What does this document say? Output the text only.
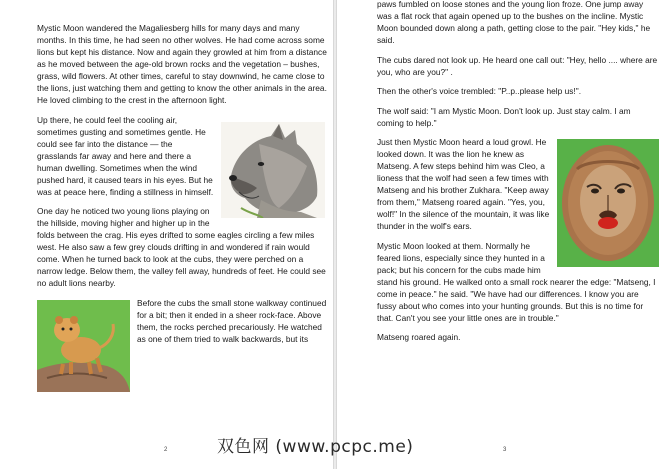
Mystic Moon wandered the Magaliesberg hills for many days and many months. In this time, he had seen no other wolves. He had come across some lions but kept his distance. Now and again they growled at him from a distance as he moved between the age-old brown rocks and the vegetation – bushes, grass, wild flowers. At other times, careful to stay downwind, he came close to the lions, just watching them and getting to know the other animals in the area. He loved climbing to the crest in the afternoon light.

Up there, he could feel the cooling air, sometimes gusting and sometimes gentle. He could see far into the distance — the grasslands far away and here and there a human dwelling. Sometimes when the wind pushed hard, it caused tears in his eyes. But he was at peace here, finding a stillness in himself.

One day he noticed two young lions playing on the hillside, moving higher and higher up in the folds between the crag. His eyes drifted to some eagles circling a few miles west. He also saw a few grey clouds drifting in and wondered if rain would come. When he turned back to look at the cubs, they were perched on a narrow ledge. Below them, the valley fell away, hundreds of feet. He could see no adult lions nearby.

Before the cubs the small stone walkway continued for a bit; then it ended in a sheer rock-face. Above them, the rocks perched precariously. He watched as one of them tried to walk backwards, but its

2

paws fumbled on loose stones and the young lion froze. One jump away was a flat rock that again opened up to the bushes on the incline. Mystic Moon bounded down along a path, getting close to the pair. "Hey kids," he said.

The cubs dared not look up. He heard one call out: "Hey, hello .... where are you, who are you?" .

Then the other's voice trembled: "P..p..please help us!".

The wolf said: "I am Mystic Moon. Don't look up. Just stay calm. I am coming to help."

Just then Mystic Moon heard a loud growl. He looked down. It was the lion he knew as Matseng. A few steps behind him was Cleo, a lioness that the wolf had seen a few times with Matseng and his brother Zukhara. "Keep away from them," Matseng roared again. "Yes, you, wolf!" In the silence of the mountain, it was like thunder in the wolf's ears.

Mystic Moon looked at them. Normally he feared lions, especially since they hunted in a pack; but his concern for the cubs made him stand his ground. He walked onto a small rock nearer the edge: "Matseng, I come in peace." he said. "We have had our differences. I know you are fussy about who comes into your hunting grounds. But this is no time for that. Can't you see your little ones are in trouble."

Matseng roared again.

3
双色网 (www.pcpc.me)
